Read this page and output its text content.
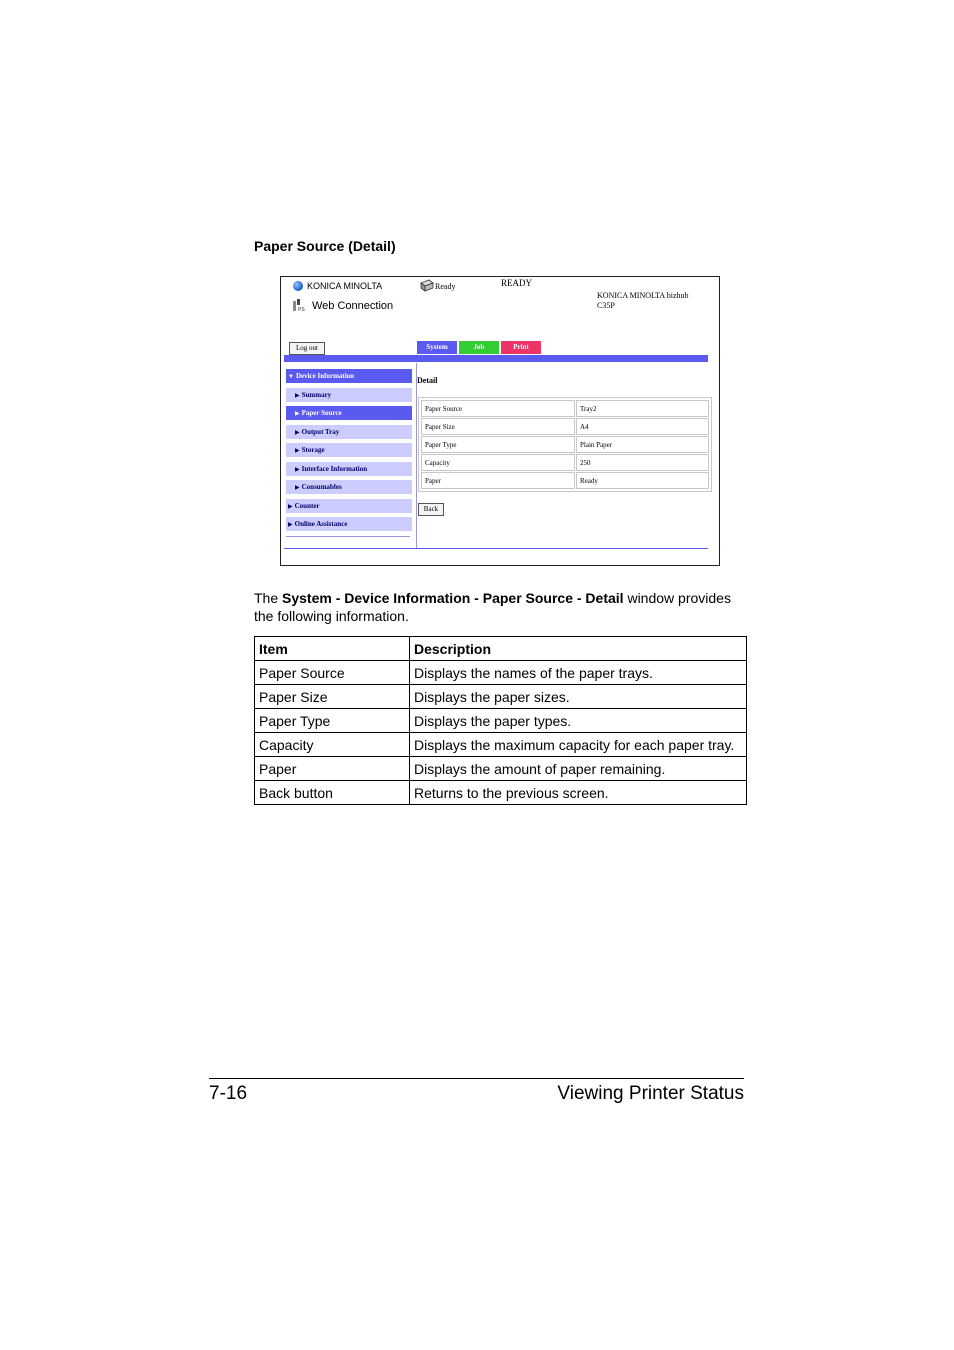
Paper Source (Detail)
KONICA MINOLTA
PS Web Connection
Ready	READY
KONICA MINOLTA bizhub
C35P
Log out	System	Job	Print
▼ Device Information
▶ Summary
▶ Paper Source
▶ Output Tray
▶ Storage
▶ Interface Information
▶ Consumables
▶ Counter
▶ Online Assistance
Detail
Paper Source	Tray2
Paper Size	A4
Paper Type	Plain Paper
Capacity	250
Paper	Ready
Back
The System - Device Information - Paper Source - Detail window provides the following information.
Item	Description
Paper Source	Displays the names of the paper trays.
Paper Size	Displays the paper sizes.
Paper Type	Displays the paper types.
Capacity	Displays the maximum capacity for each paper tray.
Paper	Displays the amount of paper remaining.
Back button	Returns to the previous screen.
7-16	Viewing Printer Status
